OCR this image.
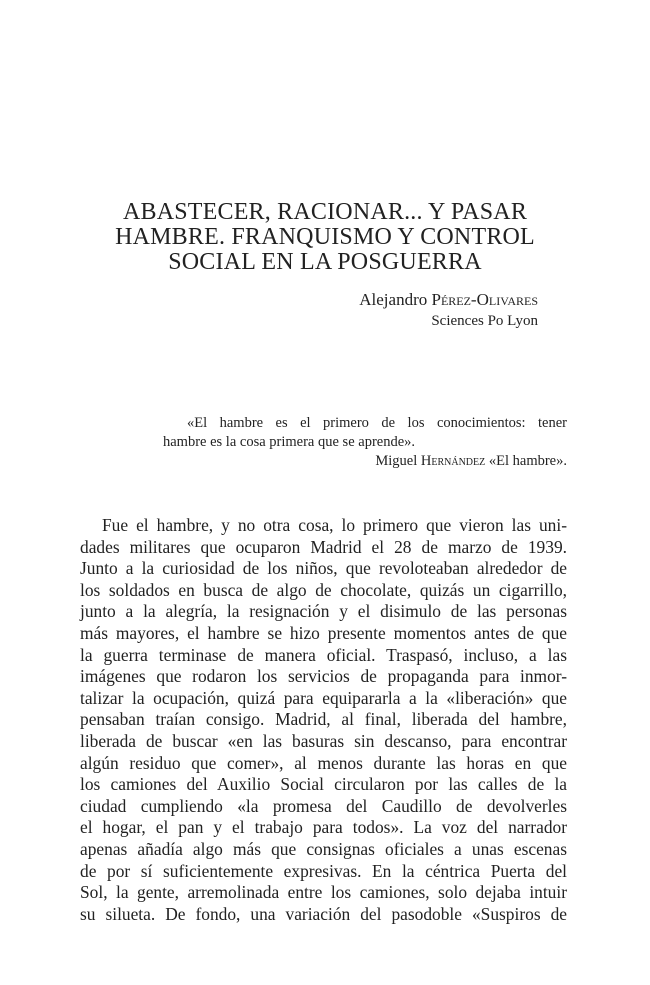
ABASTECER, RACIONAR... Y PASAR
HAMBRE. FRANQUISMO Y CONTROL
SOCIAL EN LA POSGUERRA
Alejandro Pérez-Olivares
Sciences Po Lyon
«El hambre es el primero de los conocimientos: tener
hambre es la cosa primera que se aprende».
Miguel Hernández «El hambre».
Fue el hambre, y no otra cosa, lo primero que vieron las uni-
dades militares que ocuparon Madrid el 28 de marzo de 1939.
Junto a la curiosidad de los niños, que revoloteaban alrededor de
los soldados en busca de algo de chocolate, quizás un cigarrillo,
junto a la alegría, la resignación y el disimulo de las personas
más mayores, el hambre se hizo presente momentos antes de que
la guerra terminase de manera oficial. Traspasó, incluso, a las
imágenes que rodaron los servicios de propaganda para inmor-
talizar la ocupación, quizá para equipararla a la «liberación» que
pensaban traían consigo. Madrid, al final, liberada del hambre,
liberada de buscar «en las basuras sin descanso, para encontrar
algún residuo que comer», al menos durante las horas en que
los camiones del Auxilio Social circularon por las calles de la
ciudad cumpliendo «la promesa del Caudillo de devolverles
el hogar, el pan y el trabajo para todos». La voz del narrador
apenas añadía algo más que consignas oficiales a unas escenas
de por sí suficientemente expresivas. En la céntrica Puerta del
Sol, la gente, arremolinada entre los camiones, solo dejaba intuir
su silueta. De fondo, una variación del pasodoble «Suspiros de
